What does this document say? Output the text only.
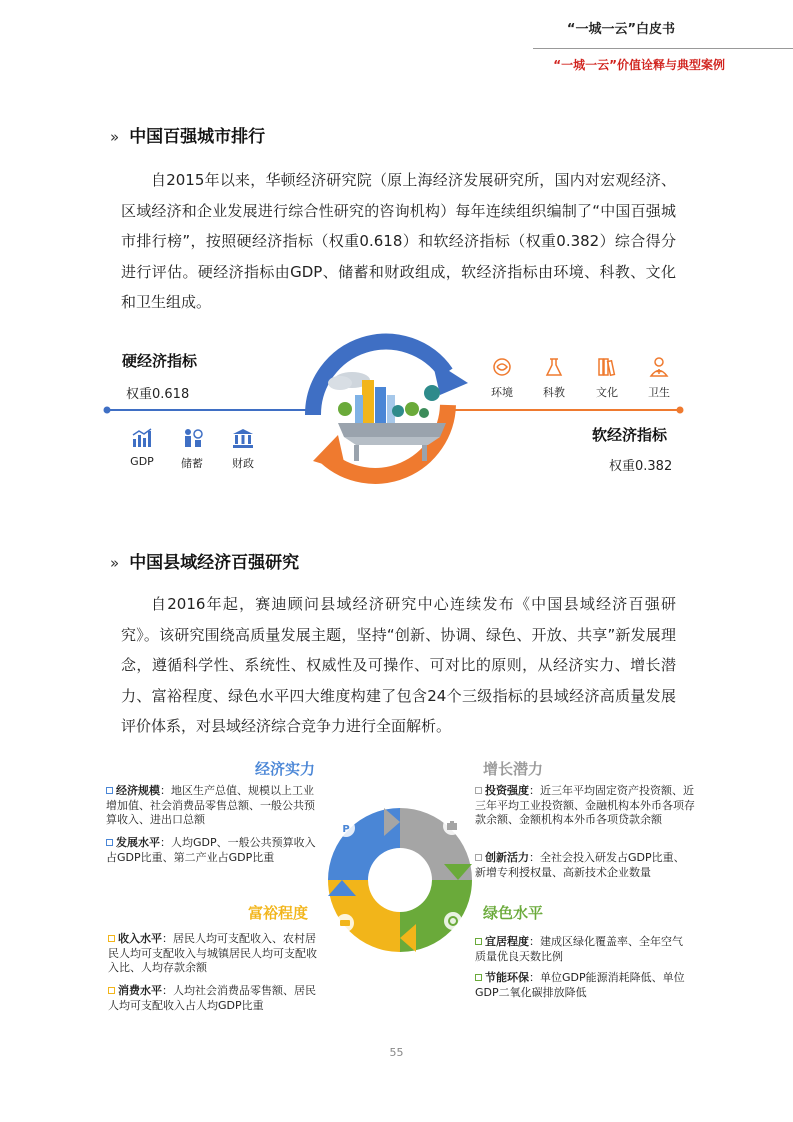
“一城一云”白皮书
“一城一云”价值诠释与典型案例
» 中国百强城市排行

自2015年以来，华顿经济研究院（原上海经济发展研究所，国内对宏观经济、区域经济和企业发展进行综合性研究的咨询机构）每年连续组织编制了“中国百强城市排行榜”，按照硬经济指标（权重0.618）和软经济指标（权重0.382）综合得分进行评估。硬经济指标由GDP、储蓄和财政组成，软经济指标由环境、科教、文化和卫生组成。

硬经济指标
权重0.618
GDP	储蓄	财政
环境	科教	文化	卫生
软经济指标
权重0.382
» 中国县域经济百强研究

自2016年起，赛迪顾问县域经济研究中心连续发布《中国县域经济百强研究》。该研究围绕高质量发展主题，坚持“创新、协调、绿色、开放、共享”新发展理念，遵循科学性、系统性、权威性及可操作、可对比的原则，从经济实力、增长潜力、富裕程度、绿色水平四大维度构建了包含24个三级指标的县域经济高质量发展评价体系，对县域经济综合竞争力进行全面解析。

P
经济实力
经济规模：地区生产总值、规模以上工业增加值、社会消费品零售总额、一般公共预算收入、进出口总额
发展水平：人均GDP、一般公共预算收入占GDP比重、第二产业占GDP比重
增长潜力
投资强度：近三年平均固定资产投资额、近三年平均工业投资额、金融机构本外币各项存款余额、金额机构本外币各项贷款余额
创新活力：全社会投入研发占GDP比重、新增专利授权量、高新技术企业数量
富裕程度
收入水平：居民人均可支配收入、农村居民人均可支配收入与城镇居民人均可支配收入比、人均存款余额
消费水平：人均社会消费品零售额、居民人均可支配收入占人均GDP比重
绿色水平
宜居程度：建成区绿化覆盖率、全年空气质量优良天数比例
节能环保：单位GDP能源消耗降低、单位GDP二氧化碳排放降低
55
